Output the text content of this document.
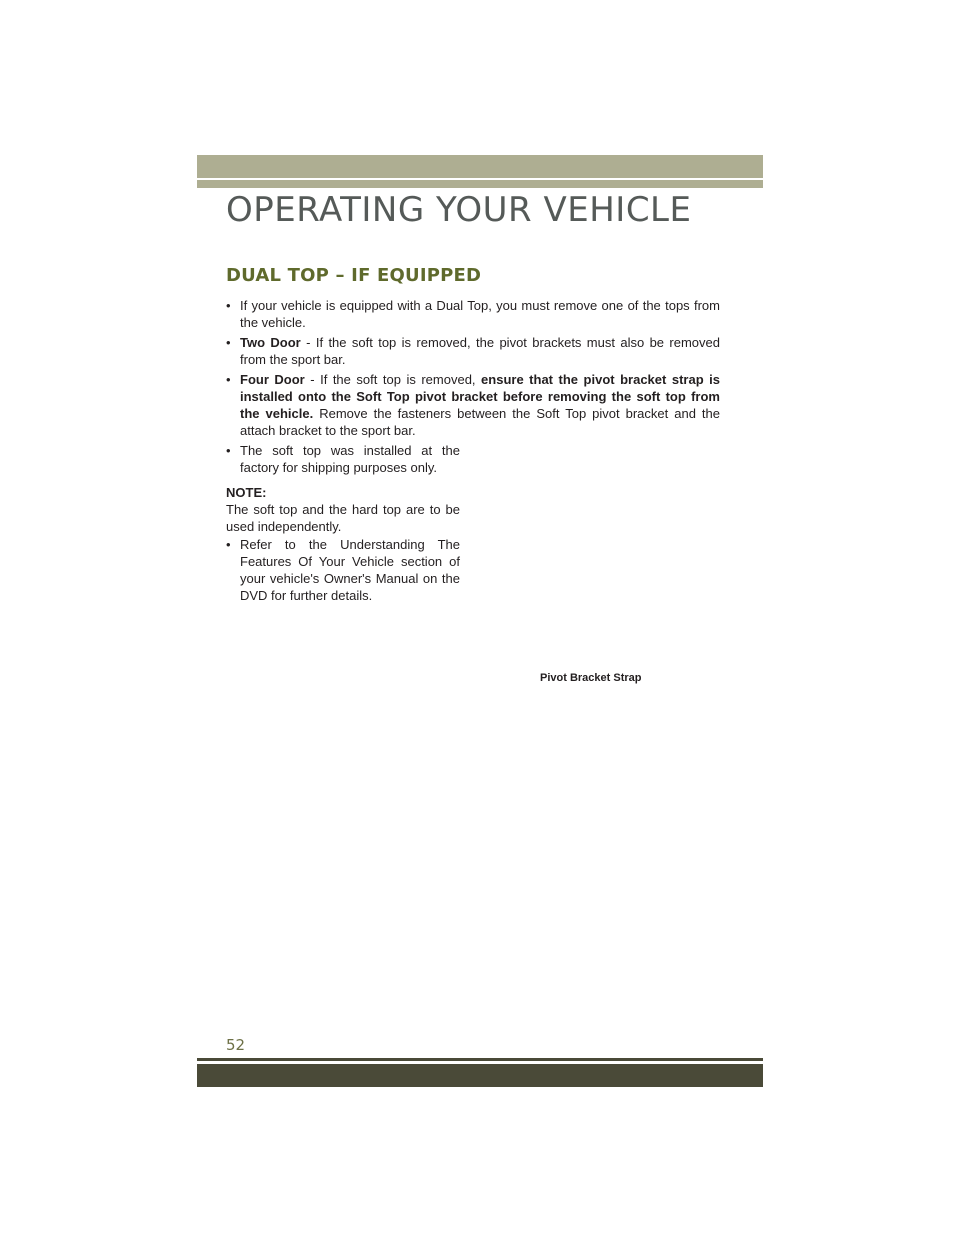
OPERATING YOUR VEHICLE
DUAL TOP – IF EQUIPPED
• If your vehicle is equipped with a Dual Top, you must remove one of the tops from the vehicle.
• Two Door - If the soft top is removed, the pivot brackets must also be removed from the sport bar.
• Four Door - If the soft top is removed, ensure that the pivot bracket strap is installed onto the Soft Top pivot bracket before removing the soft top from the vehicle. Remove the fasteners between the Soft Top pivot bracket and the attach bracket to the sport bar.
• The soft top was installed at the factory for shipping purposes only.
NOTE:
The soft top and the hard top are to be used independently.
• Refer to the Understanding The Features Of Your Vehicle section of your vehicle's Owner's Manual on the DVD for further details.
Pivot Bracket Strap
52
